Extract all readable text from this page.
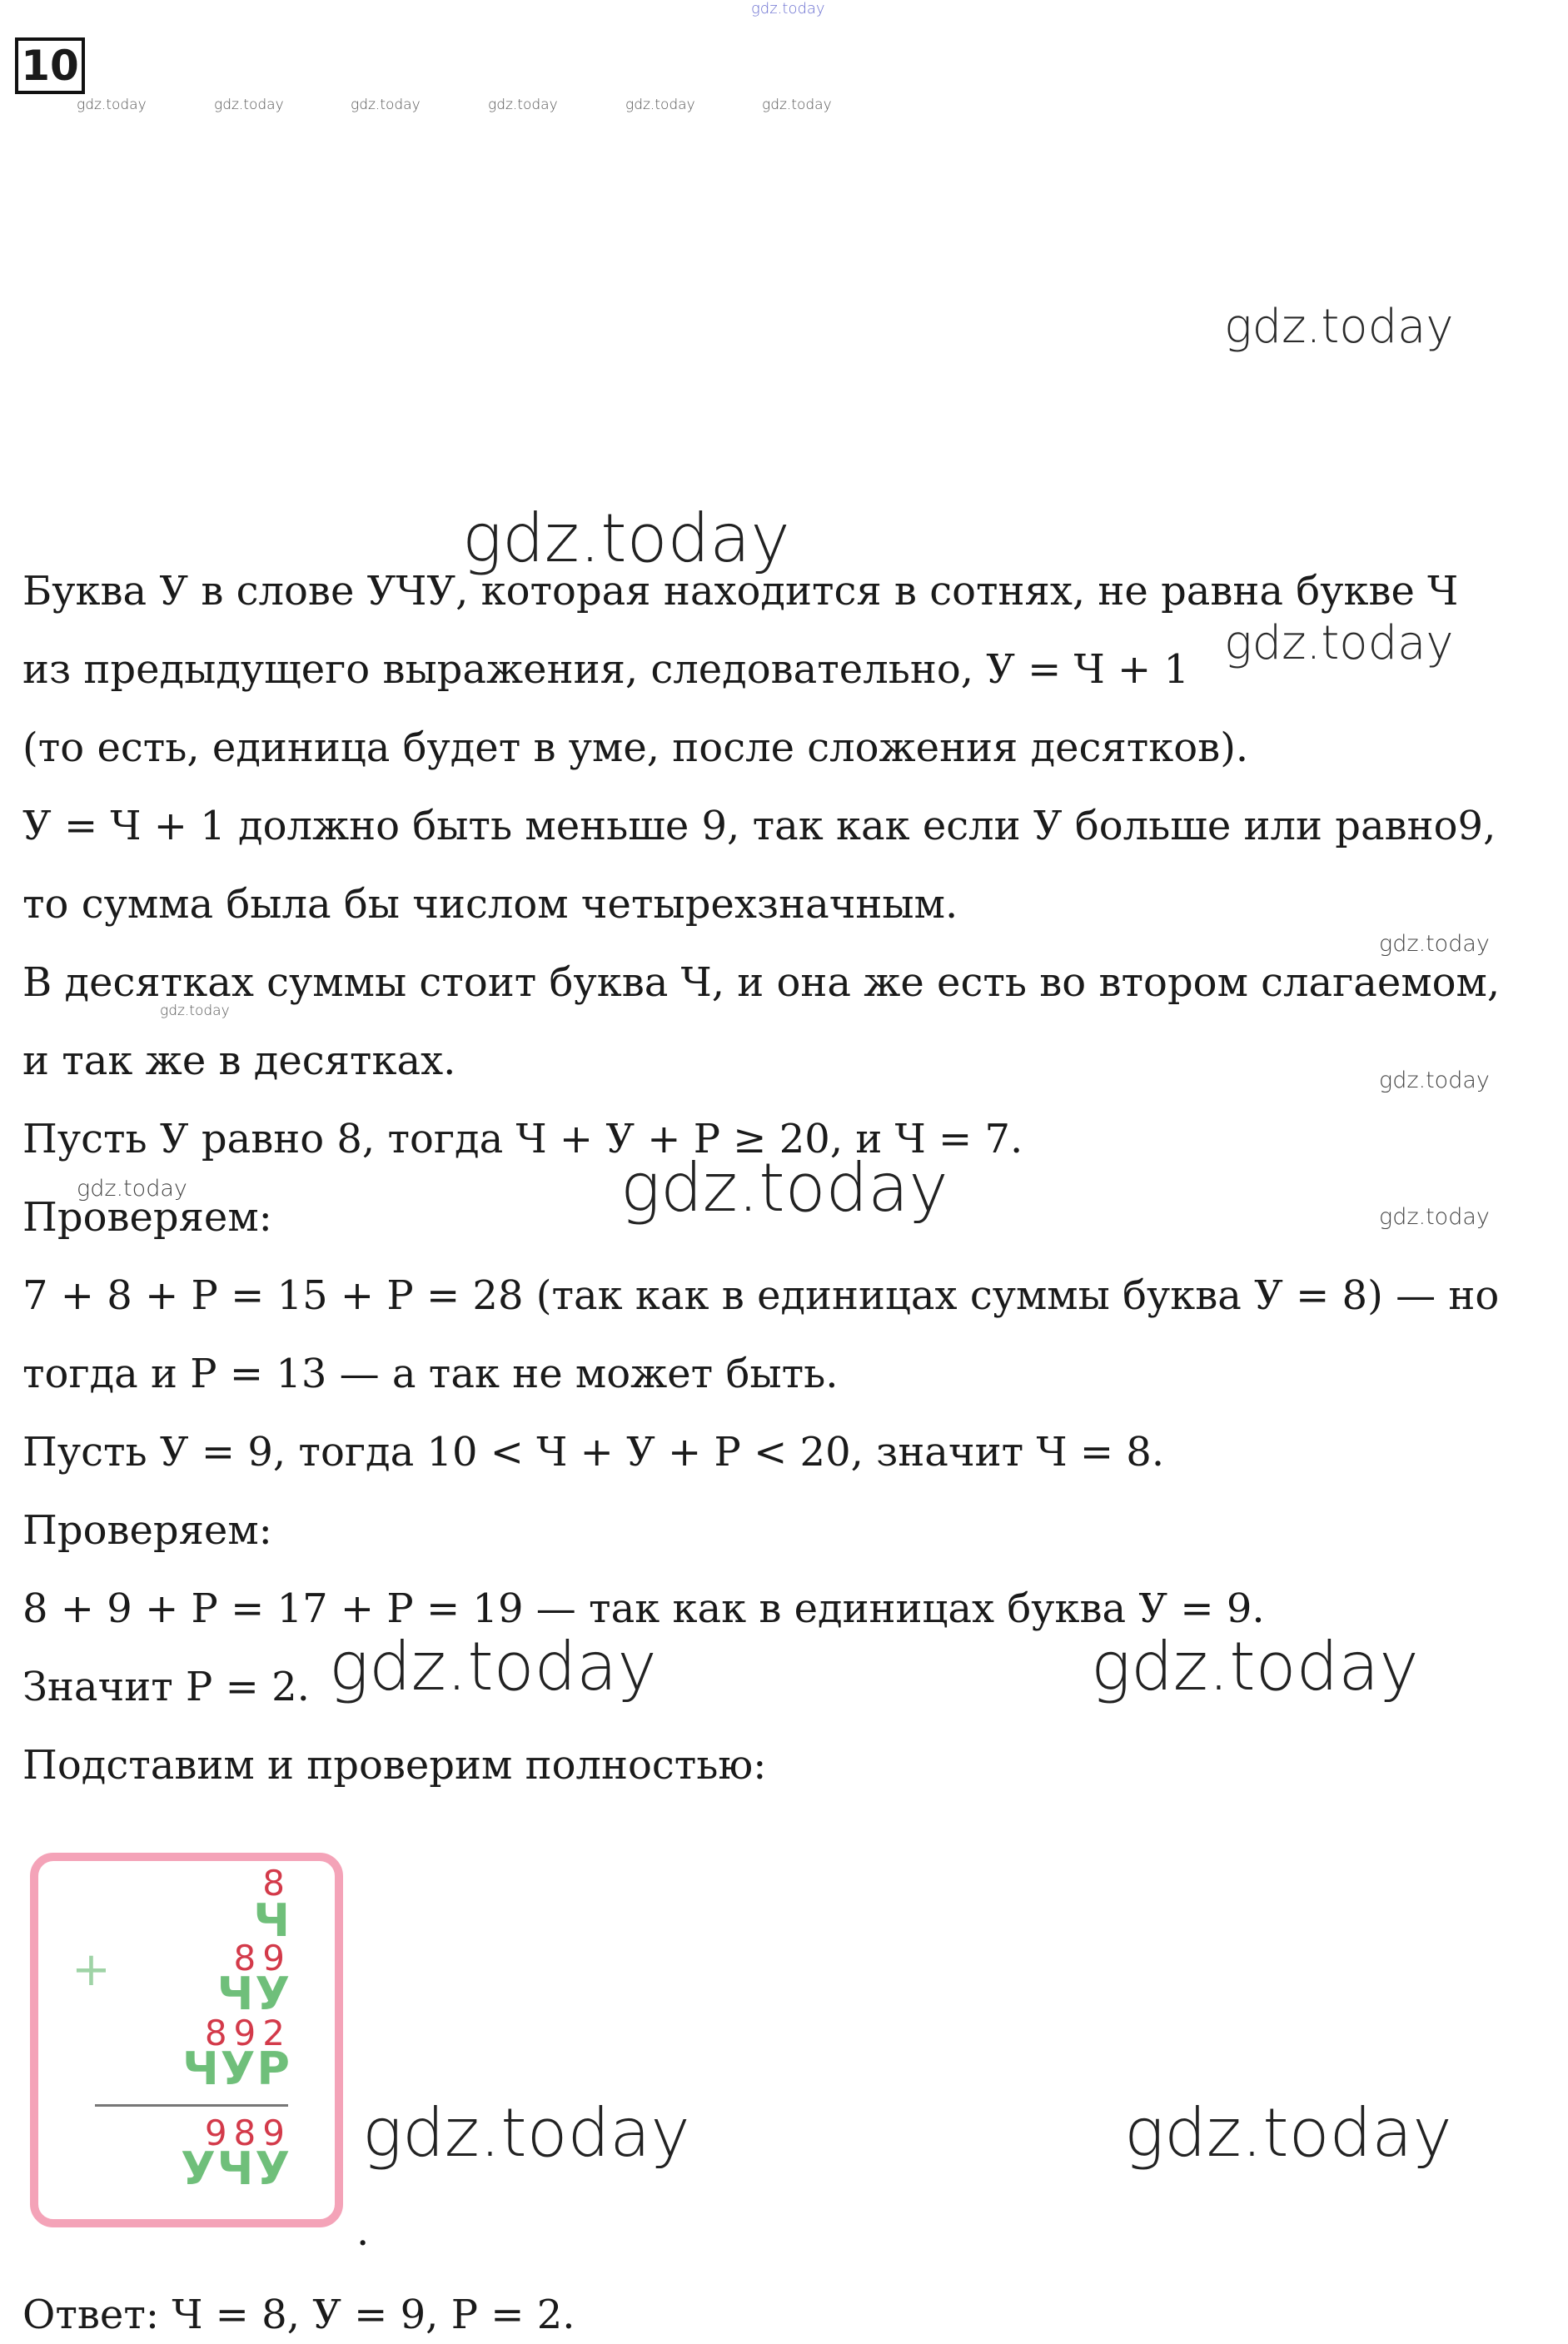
10
gdz.today
gdz.today	gdz.today	gdz.today	gdz.today	gdz.today	gdz.today
gdz.today
gdz.today
gdz.today
gdz.today
gdz.today
gdz.today
gdz.today	gdz.today	gdz.today
gdz.today	gdz.today
gdz.today	gdz.today
Буква У в слове УЧУ, которая находится в сотнях, не равна букве Ч
из предыдущего выражения, следовательно, У = Ч + 1
(то есть, единица будет в уме, после сложения десятков).
У = Ч + 1 должно быть меньше 9, так как если У больше или равно9,
то сумма была бы числом четырехзначным.
В десятках суммы стоит буква Ч, и она же есть во втором слагаемом,
и так же в десятках.
Пусть У равно 8, тогда Ч + У + Р ≥ 20, и Ч = 7.
Проверяем:
7 + 8 + Р = 15 + Р = 28 (так как в единицах суммы буква У = 8) — но
тогда и Р = 13 — а так не может быть.
Пусть У = 9, тогда 10 < Ч + У + Р < 20, значит Ч = 8.
Проверяем:
8 + 9 + Р = 17 + Р = 19 — так как в единицах буква У = 9.
Значит Р = 2.
Подставим и проверим полностью:
8
Ч
+	89
ЧУ
892
ЧУР
989
УЧУ
.
Ответ: Ч = 8, У = 9, Р = 2.
